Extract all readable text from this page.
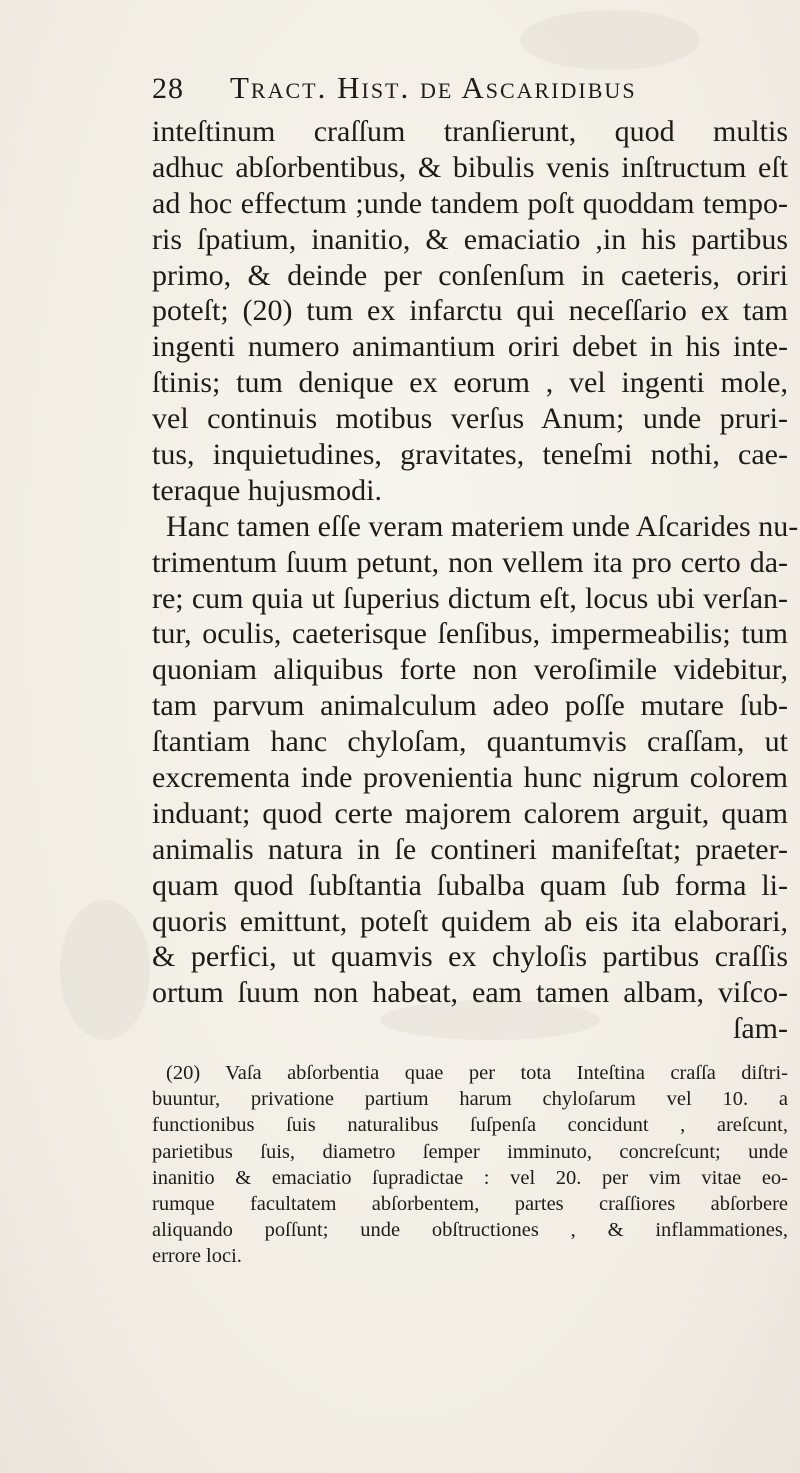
28 Tract. Hist. de Ascaridibus
inteſtinum craſſum tranſierunt, quod multis
adhuc abſorbentibus, & bibulis venis inſtructum eſt
ad hoc effectum ;unde tandem poſt quoddam tempo-
ris ſpatium, inanitio, & emaciatio ,in his partibus
primo, & deinde per conſenſum in caeteris, oriri
poteſt; (20) tum ex infarctu qui neceſſario ex tam
ingenti numero animantium oriri debet in his inte-
ſtinis; tum denique ex eorum , vel ingenti mole,
vel continuis motibus verſus Anum; unde pruri-
tus, inquietudines, gravitates, teneſmi nothi, cae-
teraque hujusmodi.
Hanc tamen eſſe veram materiem unde Aſcarides nu-
trimentum ſuum petunt, non vellem ita pro certo da-
re; cum quia ut ſuperius dictum eſt, locus ubi verſan-
tur, oculis, caeterisque ſenſibus, impermeabilis; tum
quoniam aliquibus forte non veroſimile videbitur,
tam parvum animalculum adeo poſſe mutare ſub-
ſtantiam hanc chyloſam, quantumvis craſſam, ut
excrementa inde provenientia hunc nigrum colorem
induant; quod certe majorem calorem arguit, quam
animalis natura in ſe contineri manifeſtat; praeter-
quam quod ſubſtantia ſubalba quam ſub forma li-
quoris emittunt, poteſt quidem ab eis ita elaborari,
& perfici, ut quamvis ex chyloſis partibus craſſis
ortum ſuum non habeat, eam tamen albam, viſco-
ſam-
(20) Vaſa abſorbentia quae per tota Inteſtina craſſa diſtri-
buuntur, privatione partium harum chyloſarum vel 10. a
functionibus ſuis naturalibus ſuſpenſa concidunt , areſcunt,
parietibus ſuis, diametro ſemper imminuto, concreſcunt; unde
inanitio & emaciatio ſupradictae : vel 20. per vim vitae eo-
rumque facultatem abſorbentem, partes craſſiores abſorbere
aliquando poſſunt; unde obſtructiones , & inflammationes,
errore loci.
